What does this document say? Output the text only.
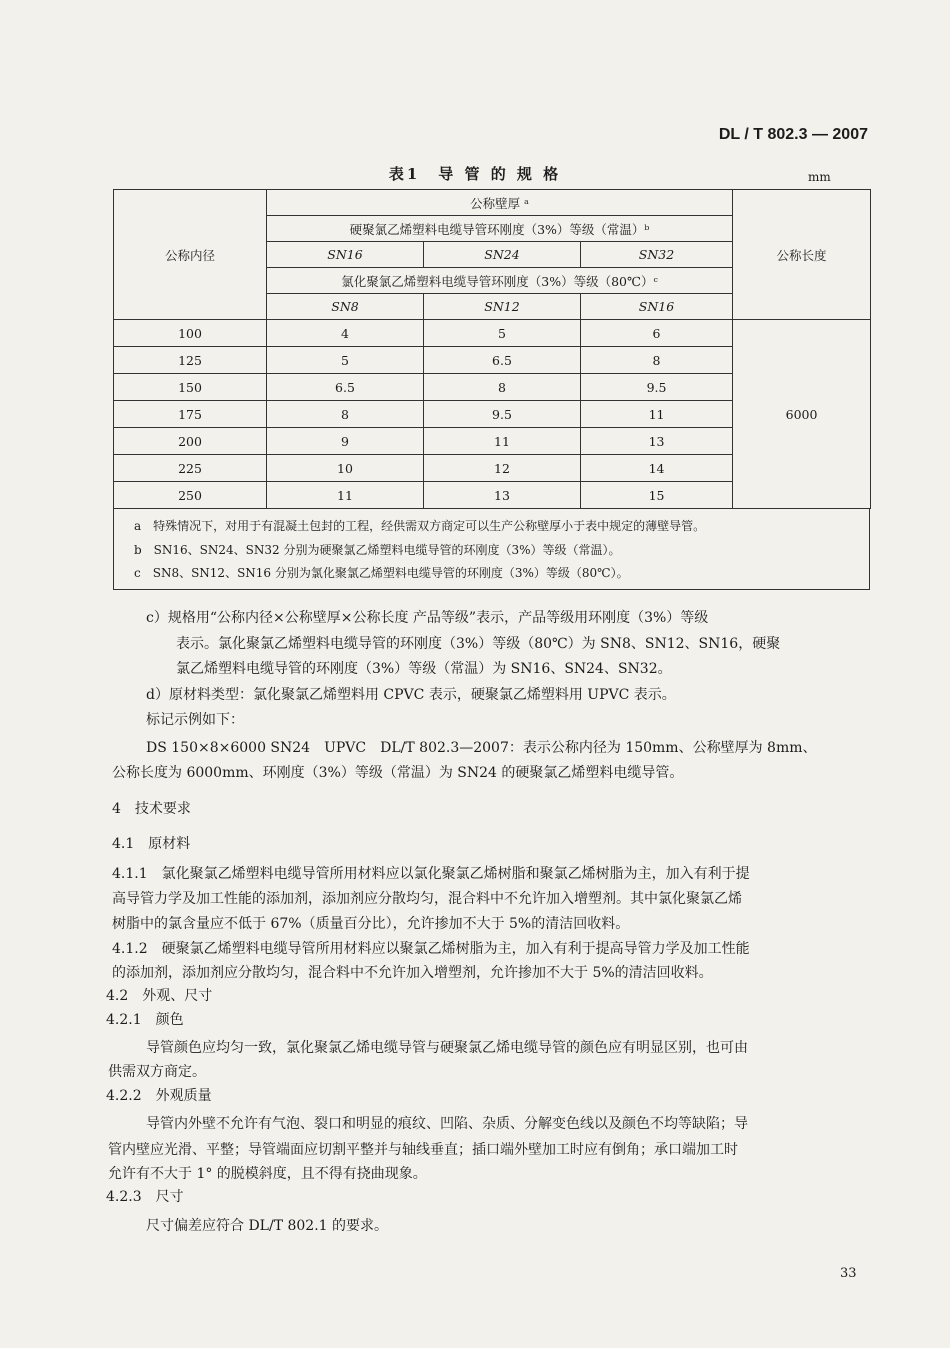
DL / T 802.3 — 2007
表1　导 管 的 规 格	mm
公称内径	公称壁厚 ᵃ			公称长度
	硬聚氯乙烯塑料电缆导管环刚度（3%）等级（常温）ᵇ			
	SN16	SN24	SN32	
	氯化聚氯乙烯塑料电缆导管环刚度（3%）等级（80℃）ᶜ			
	SN8	SN12	SN16	
100	4	5	6	6000
125	5	6.5	8	
150	6.5	8	9.5	
175	8	9.5	11	
200	9	11	13	
225	10	12	14	
250	11	13	15	
a　特殊情况下，对用于有混凝土包封的工程，经供需双方商定可以生产公称壁厚小于表中规定的薄壁导管。
b　SN16、SN24、SN32 分别为硬聚氯乙烯塑料电缆导管的环刚度（3%）等级（常温）。
c　SN8、SN12、SN16 分别为氯化聚氯乙烯塑料电缆导管的环刚度（3%）等级（80℃）。
c）规格用“公称内径×公称壁厚×公称长度 产品等级”表示，产品等级用环刚度（3%）等级
表示。氯化聚氯乙烯塑料电缆导管的环刚度（3%）等级（80℃）为 SN8、SN12、SN16，硬聚
氯乙烯塑料电缆导管的环刚度（3%）等级（常温）为 SN16、SN24、SN32。
d）原材料类型：氯化聚氯乙烯塑料用 CPVC 表示，硬聚氯乙烯塑料用 UPVC 表示。
标记示例如下：
DS 150×8×6000 SN24　UPVC　DL/T 802.3—2007：表示公称内径为 150mm、公称壁厚为 8mm、
公称长度为 6000mm、环刚度（3%）等级（常温）为 SN24 的硬聚氯乙烯塑料电缆导管。
4　技术要求
4.1　原材料
4.1.1　氯化聚氯乙烯塑料电缆导管所用材料应以氯化聚氯乙烯树脂和聚氯乙烯树脂为主，加入有利于提
高导管力学及加工性能的添加剂，添加剂应分散均匀，混合料中不允许加入增塑剂。其中氯化聚氯乙烯
树脂中的氯含量应不低于 67%（质量百分比），允许掺加不大于 5%的清洁回收料。
4.1.2　硬聚氯乙烯塑料电缆导管所用材料应以聚氯乙烯树脂为主，加入有利于提高导管力学及加工性能
的添加剂，添加剂应分散均匀，混合料中不允许加入增塑剂，允许掺加不大于 5%的清洁回收料。
4.2　外观、尺寸
4.2.1　颜色
导管颜色应均匀一致，氯化聚氯乙烯电缆导管与硬聚氯乙烯电缆导管的颜色应有明显区别，也可由
供需双方商定。
4.2.2　外观质量
导管内外壁不允许有气泡、裂口和明显的痕纹、凹陷、杂质、分解变色线以及颜色不均等缺陷；导
管内壁应光滑、平整；导管端面应切割平整并与轴线垂直；插口端外壁加工时应有倒角；承口端加工时
允许有不大于 1° 的脱模斜度，且不得有挠曲现象。
4.2.3　尺寸
尺寸偏差应符合 DL/T 802.1 的要求。
33
